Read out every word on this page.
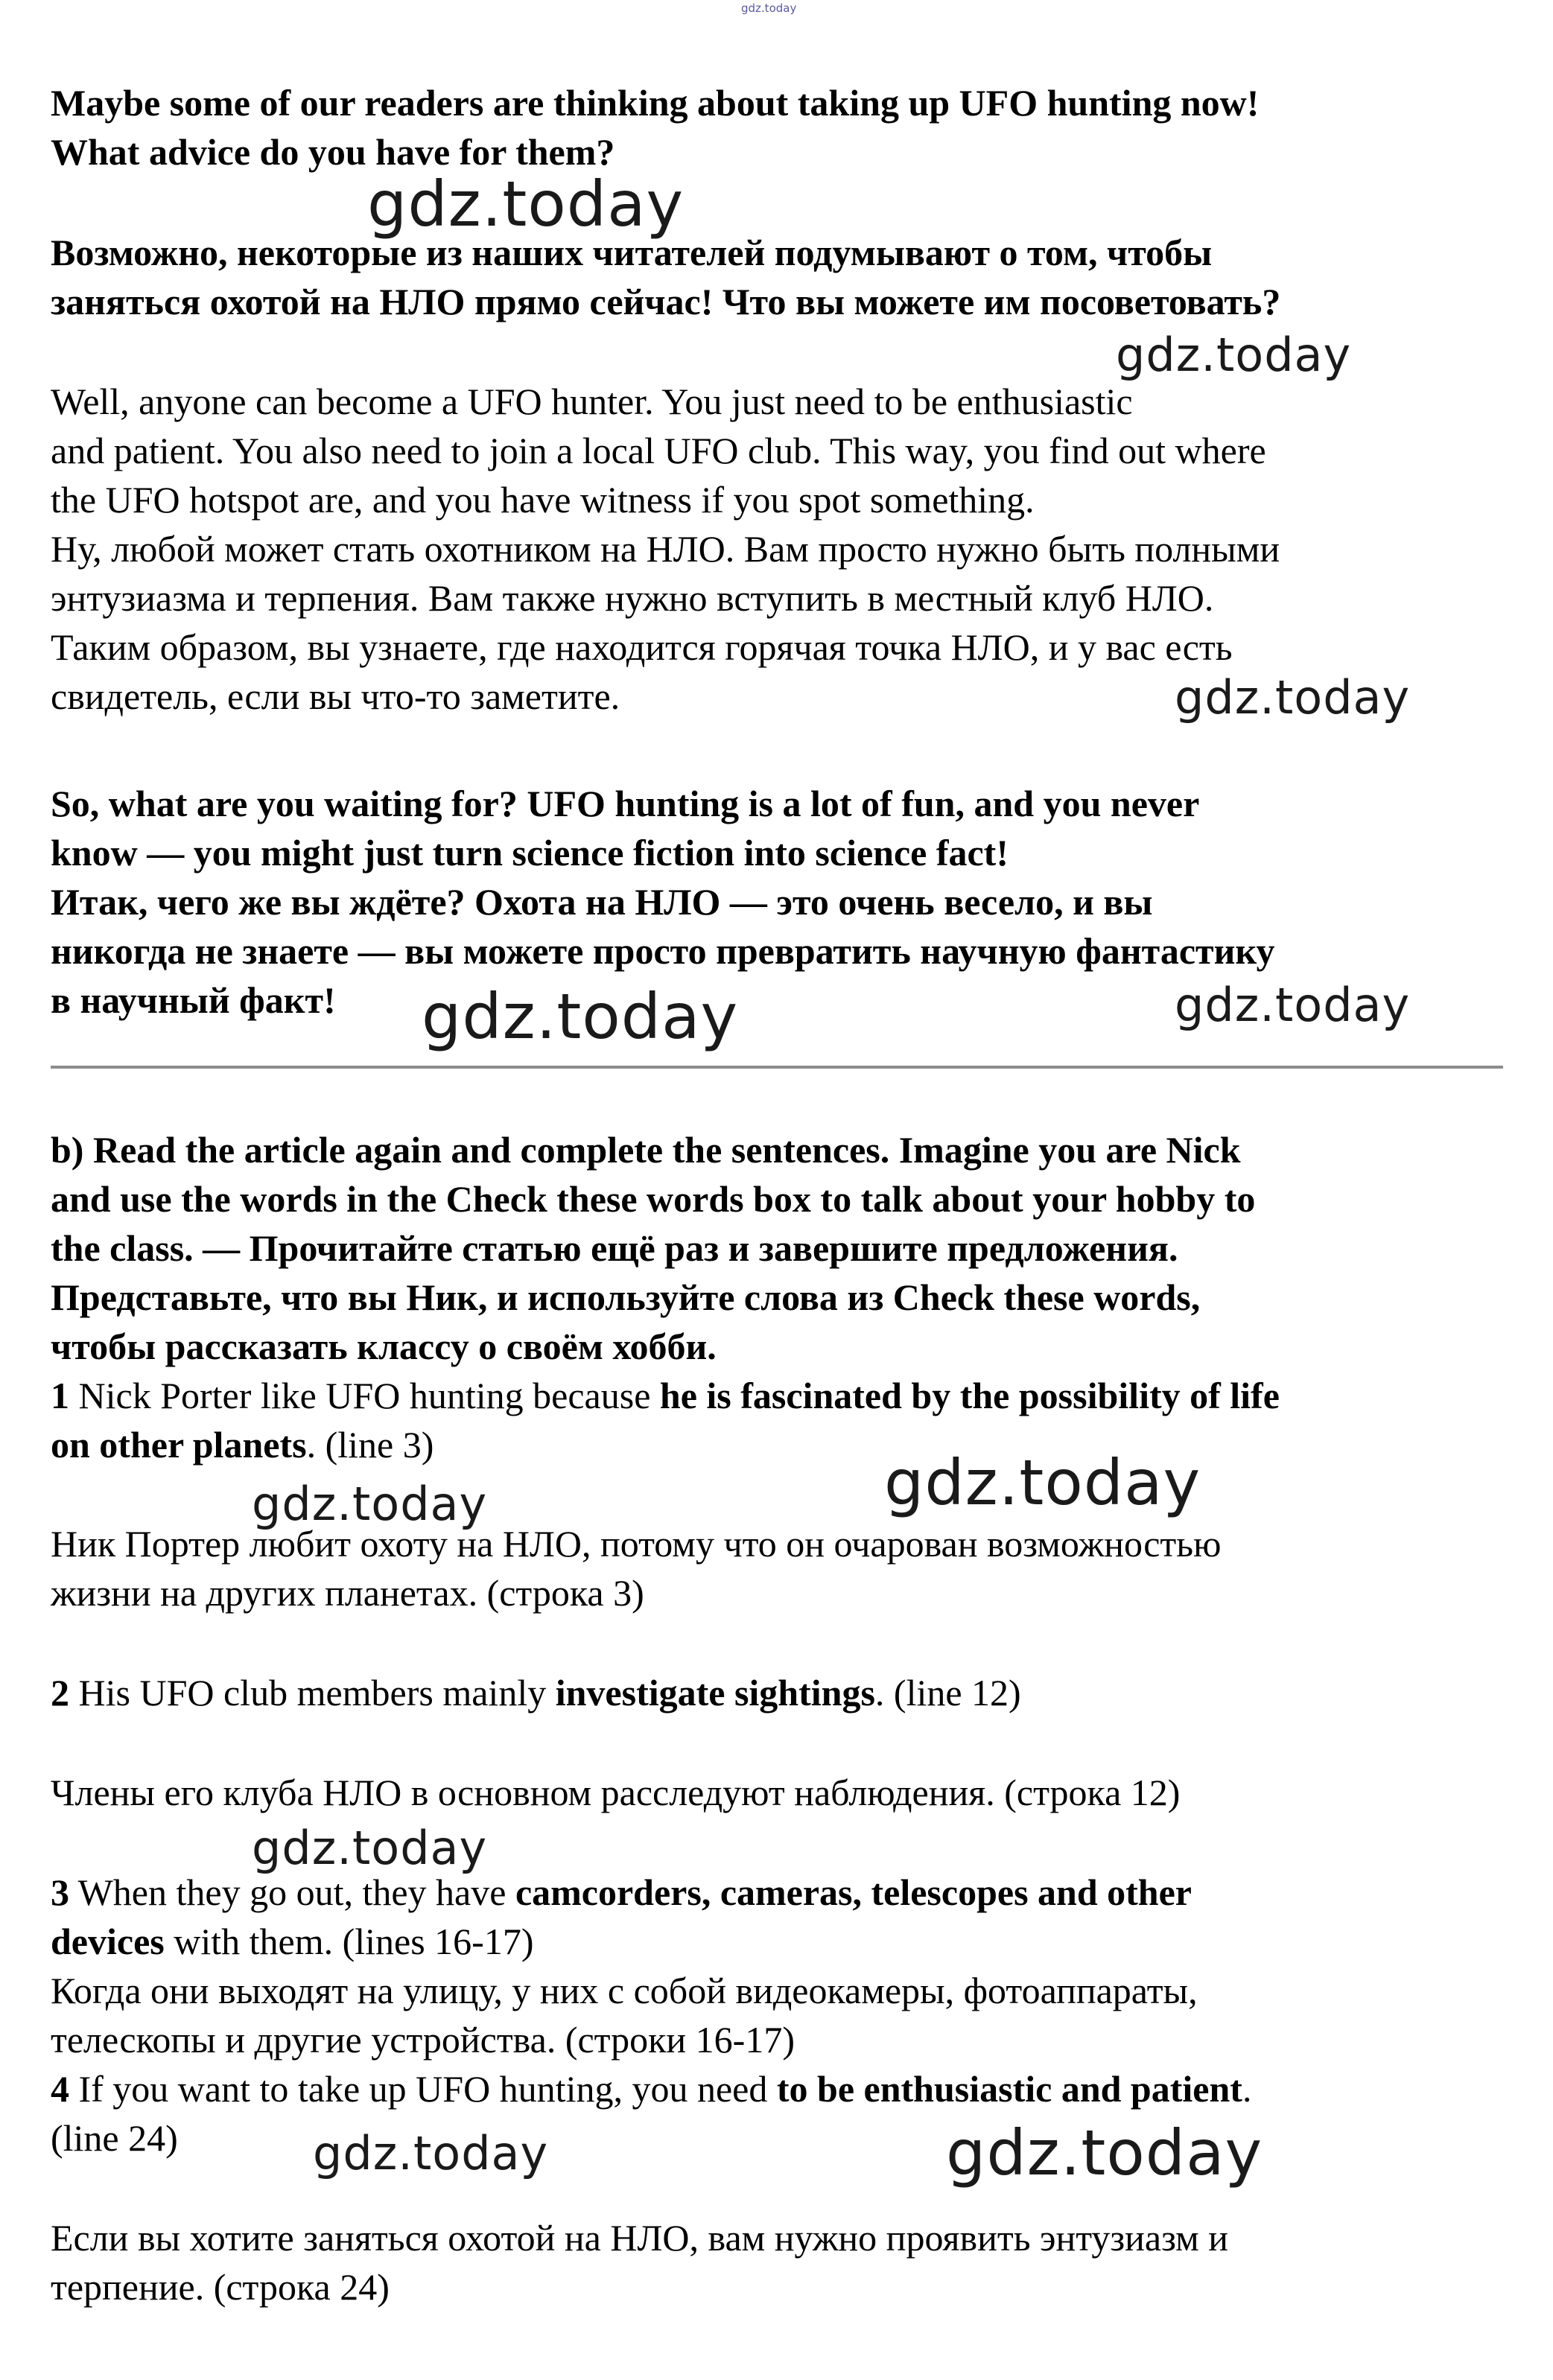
gdz.today
Maybe some of our readers are thinking about taking up UFO hunting now!
What advice do you have for them?
Возможно, некоторые из наших читателей подумывают о том, чтобы
заняться охотой на НЛО прямо сейчас! Что вы можете им посоветовать?
Well, anyone can become a UFO hunter. You just need to be enthusiastic
and patient. You also need to join a local UFO club. This way, you find out where
the UFO hotspot are, and you have witness if you spot something.
Ну, любой может стать охотником на НЛО. Вам просто нужно быть полными
энтузиазма и терпения. Вам также нужно вступить в местный клуб НЛО.
Таким образом, вы узнаете, где находится горячая точка НЛО, и у вас есть
свидетель, если вы что-то заметите.
So, what are you waiting for? UFO hunting is a lot of fun, and you never
know — you might just turn science fiction into science fact!
Итак, чего же вы ждёте? Охота на НЛО — это очень весело, и вы
никогда не знаете — вы можете просто превратить научную фантастику
в научный факт!
b) Read the article again and complete the sentences. Imagine you are Nick
and use the words in the Check these words box to talk about your hobby to
the class. — Прочитайте статью ещё раз и завершите предложения.
Представьте, что вы Ник, и используйте слова из Check these words,
чтобы рассказать классу о своём хобби.
1 Nick Porter like UFO hunting because he is fascinated by the possibility of life
on other planets. (line 3)
Ник Портер любит охоту на НЛО, потому что он очарован возможностью
жизни на других планетах. (строка 3)
2 His UFO club members mainly investigate sightings. (line 12)
Члены его клуба НЛО в основном расследуют наблюдения. (строка 12)
3 When they go out, they have camcorders, cameras, telescopes and other
devices with them. (lines 16-17)
Когда они выходят на улицу, у них с собой видеокамеры, фотоаппараты,
телескопы и другие устройства. (строки 16-17)
4 If you want to take up UFO hunting, you need to be enthusiastic and patient.
(line 24)
Если вы хотите заняться охотой на НЛО, вам нужно проявить энтузиазм и
терпение. (строка 24)
gdz.today
gdz.today
gdz.today
gdz.today	gdz.today
gdz.today	gdz.today
gdz.today
gdz.today	gdz.today
